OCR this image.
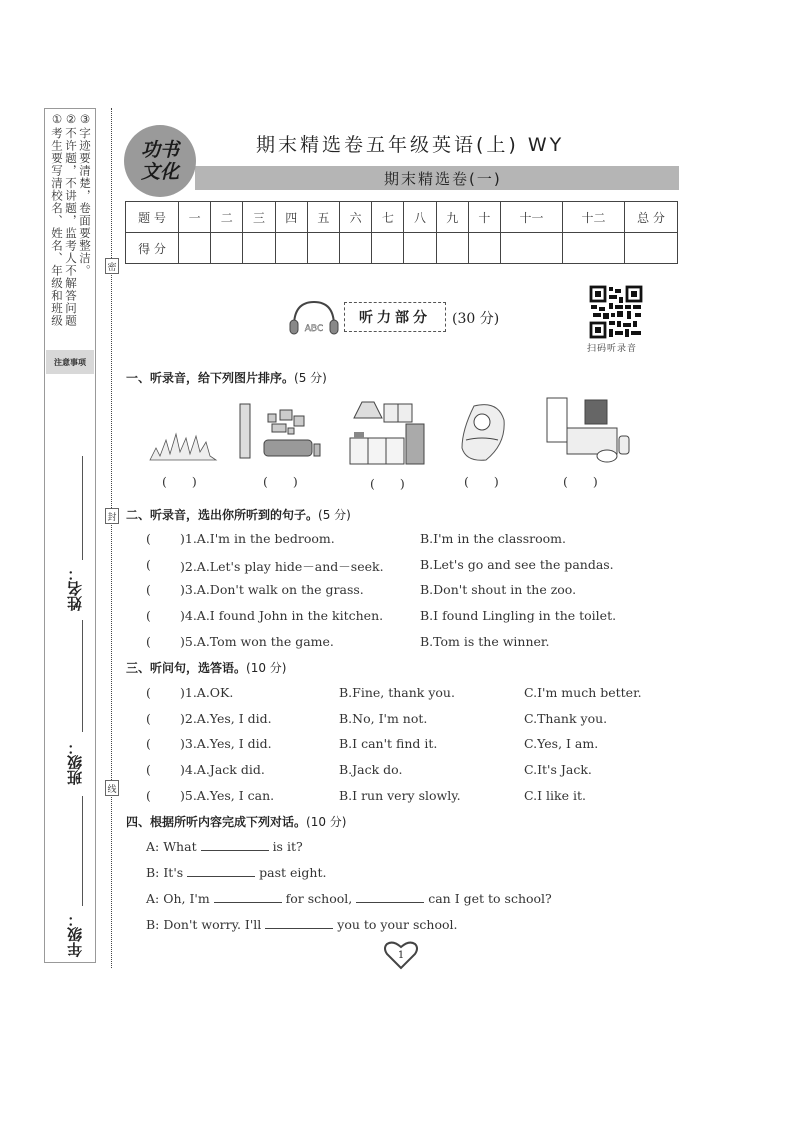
①考生要写清校名、姓名、年级和班级 ②不许题，不讲题，监考人不解答问题 ③字迹要清楚，卷面要整洁。
注意事项
姓名：
班级：
年级：
密
封
线
功书
文化
期末精选卷五年级英语(上) WY
期末精选卷(一)
题 号	一	二	三	四	五	六	七	八	九	十	十一	十二	总 分
得 分													
ABC
听力部分	(30 分)
扫码听录音
一、听录音，给下列图片排序。(5 分)
(　　)	(　　)	(　　)	(　　)	(　　)
二、听录音，选出你所听到的句子。(5 分)
( )1.A.I'm in the bedroom.	B.I'm in the classroom.
( )2.A.Let's play hide－and－seek.	B.Let's go and see the pandas.
( )3.A.Don't walk on the grass.	B.Don't shout in the zoo.
( )4.A.I found John in the kitchen.	B.I found Lingling in the toilet.
( )5.A.Tom won the game.	B.Tom is the winner.
三、听问句，选答语。(10 分)
( )1.A.OK.	B.Fine, thank you.	C.I'm much better.
( )2.A.Yes, I did.	B.No, I'm not.	C.Thank you.
( )3.A.Yes, I did.	B.I can't find it.	C.Yes, I am.
( )4.A.Jack did.	B.Jack do.	C.It's Jack.
( )5.A.Yes, I can.	B.I run very slowly.	C.I like it.
四、根据所听内容完成下列对话。(10 分)
A: What	is it?
B: It's	past eight.
A: Oh, I'm	for school,	can I get to school?
B: Don't worry. I'll	you to your school.
1
